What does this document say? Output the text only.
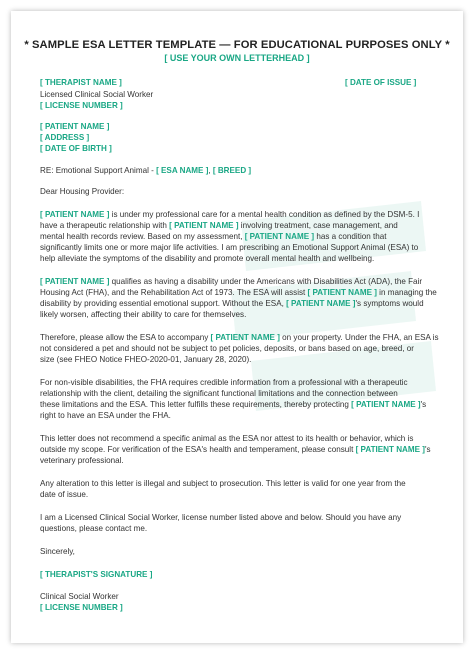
* SAMPLE ESA LETTER TEMPLATE — FOR EDUCATIONAL PURPOSES ONLY *
[ USE YOUR OWN LETTERHEAD ]
[ THERAPIST NAME ]	[ DATE OF ISSUE ]
Licensed Clinical Social Worker
[ LICENSE NUMBER ]
[ PATIENT NAME ]
[ ADDRESS ]
[ DATE OF BIRTH ]
RE: Emotional Support Animal - [ ESA NAME ], [ BREED ]
Dear Housing Provider:
[ PATIENT NAME ] is under my professional care for a mental health condition as defined by the DSM-5. I
have a therapeutic relationship with [ PATIENT NAME ] involving treatment, case management, and
mental health records review. Based on my assessment, [ PATIENT NAME ] has a condition that
significantly limits one or more major life activities. I am prescribing an Emotional Support Animal (ESA) to
help alleviate the symptoms of the disability and promote overall mental health and wellbeing.
[ PATIENT NAME ] qualifies as having a disability under the Americans with Disabilities Act (ADA), the Fair
Housing Act (FHA), and the Rehabilitation Act of 1973. The ESA will assist [ PATIENT NAME ] in managing the
disability by providing essential emotional support. Without the ESA, [ PATIENT NAME ]'s symptoms would
likely worsen, affecting their ability to care for themselves.
Therefore, please allow the ESA to accompany [ PATIENT NAME ] on your property. Under the FHA, an ESA is
not considered a pet and should not be subject to pet policies, deposits, or bans based on age, breed, or
size (see FHEO Notice FHEO-2020-01, January 28, 2020).
For non-visible disabilities, the FHA requires credible information from a professional with a therapeutic
relationship with the client, detailing the significant functional limitations and the connection between
these limitations and the ESA. This letter fulfills these requirements, thereby protecting [ PATIENT NAME ]'s
right to have an ESA under the FHA.
This letter does not recommend a specific animal as the ESA nor attest to its health or behavior, which is
outside my scope. For verification of the ESA's health and temperament, please consult [ PATIENT NAME ]'s
veterinary professional.
Any alteration to this letter is illegal and subject to prosecution. This letter is valid for one year from the
date of issue.
I am a Licensed Clinical Social Worker, license number listed above and below. Should you have any
questions, please contact me.
Sincerely,
[ THERAPIST'S SIGNATURE ]
Clinical Social Worker
[ LICENSE NUMBER ]
